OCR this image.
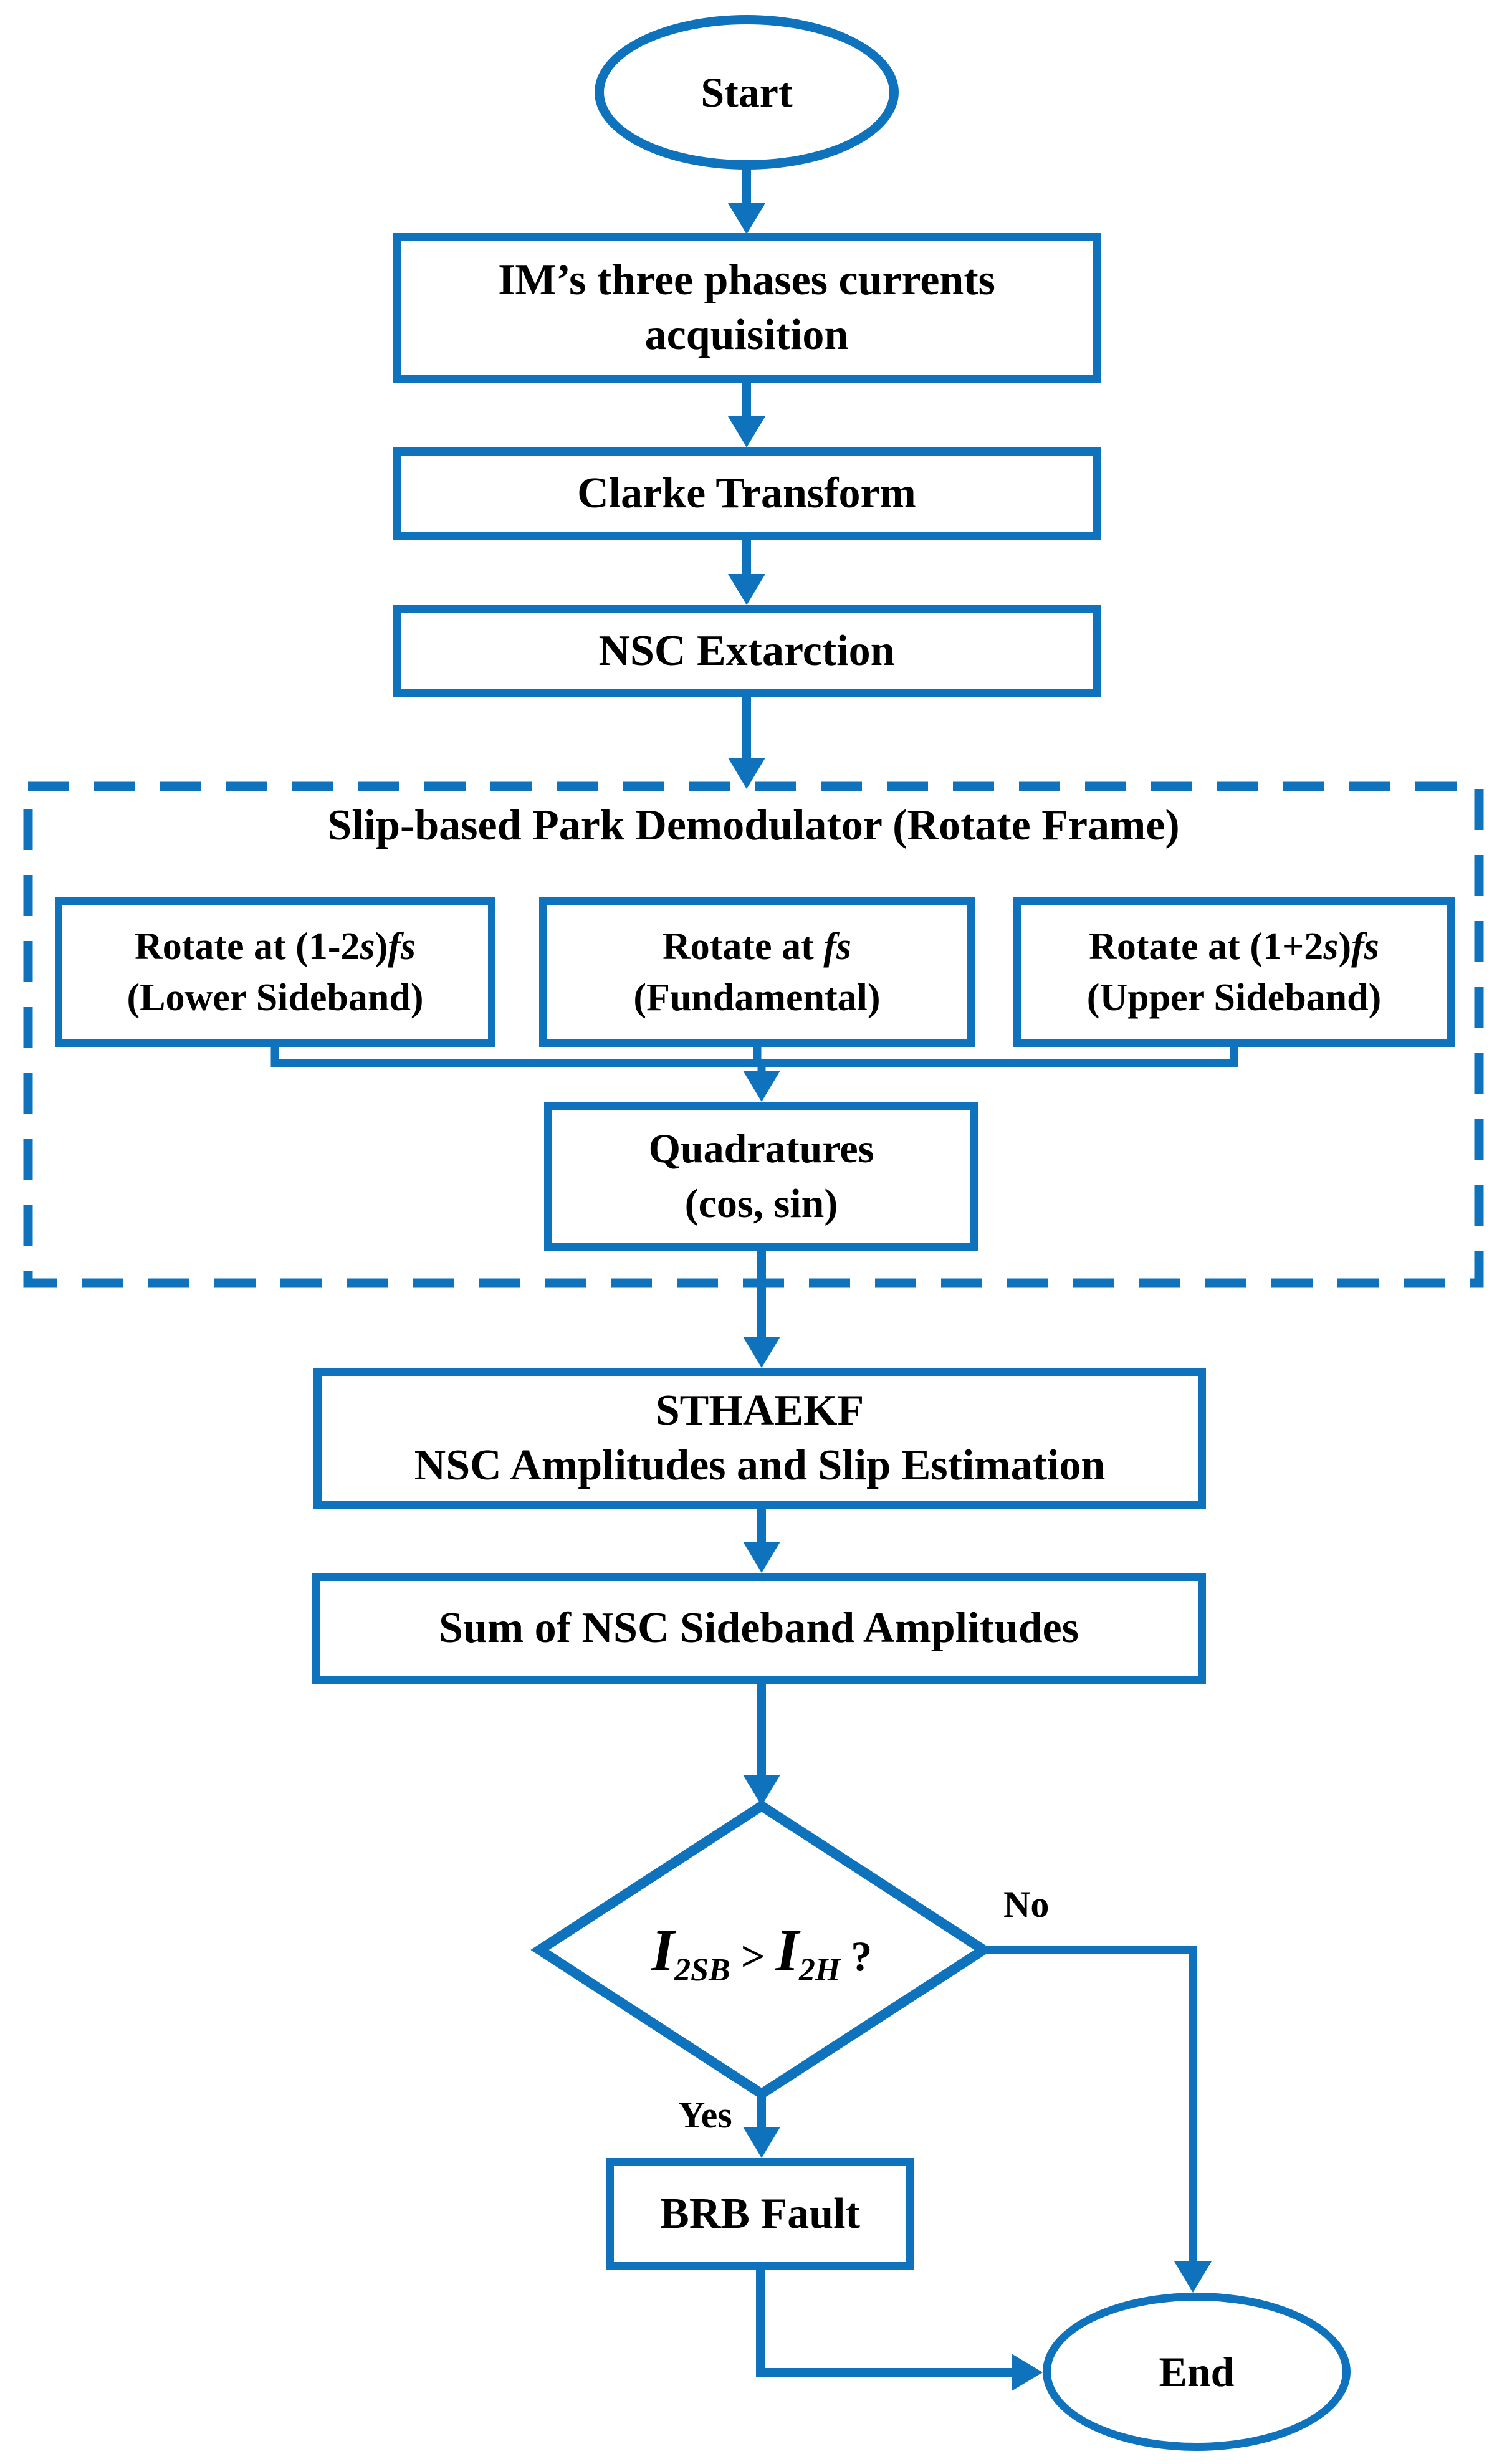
Start
IM’s three phases currents
acquisition
Clarke Transform
NSC Extarction
Slip-based Park Demodulator (Rotate Frame)
Rotate at (1-2s)fs
(Lower Sideband)
Rotate at fs
(Fundamental)
Rotate at (1+2s)fs
(Upper Sideband)
Quadratures
(cos, sin)
STHAEKF
NSC Amplitudes and Slip Estimation
Sum of NSC Sideband Amplitudes
I2SB > I2H ?
No
Yes
BRB Fault
End
